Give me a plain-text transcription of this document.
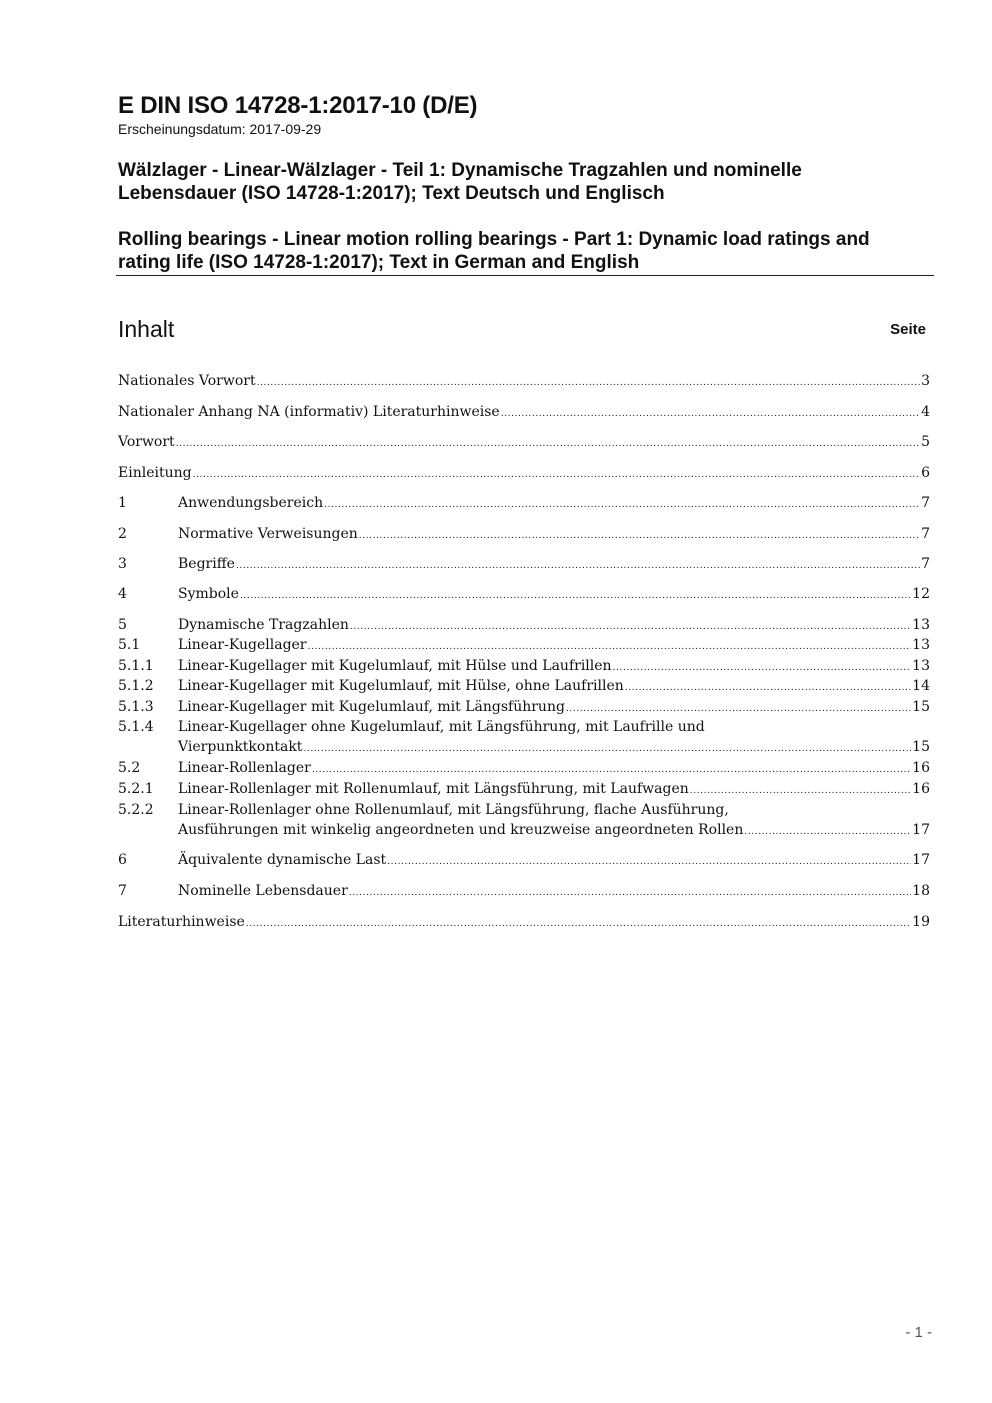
E DIN ISO 14728-1:2017-10 (D/E)

Erscheinungsdatum: 2017-09-29

Wälzlager - Linear-Wälzlager - Teil 1: Dynamische Tragzahlen und nominelle Lebensdauer (ISO 14728-1:2017); Text Deutsch und Englisch

Rolling bearings - Linear motion rolling bearings - Part 1: Dynamic load ratings and rating life (ISO 14728-1:2017); Text in German and English

Inhalt	Seite
Nationales Vorwort .....	3
Nationaler Anhang NA (informativ) Literaturhinweise .....	4
Vorwort .....	5
Einleitung .....	6
1	Anwendungsbereich .....	7
2	Normative Verweisungen .....	7
3	Begriffe .....	7
4	Symbole .....	12
5	Dynamische Tragzahlen .....	13
5.1	Linear-Kugellager .....	13
5.1.1	Linear-Kugellager mit Kugelumlauf, mit Hülse und Laufrillen .....	13
5.1.2	Linear-Kugellager mit Kugelumlauf, mit Hülse, ohne Laufrillen .....	14
5.1.3	Linear-Kugellager mit Kugelumlauf, mit Längsführung .....	15
5.1.4	Linear-Kugellager ohne Kugelumlauf, mit Längsführung, mit Laufrille und
Vierpunktkontakt .....	15
5.2	Linear-Rollenlager .....	16
5.2.1	Linear-Rollenlager mit Rollenumlauf, mit Längsführung, mit Laufwagen .....	16
5.2.2	Linear-Rollenlager ohne Rollenumlauf, mit Längsführung, flache Ausführung,
Ausführungen mit winkelig angeordneten und kreuzweise angeordneten Rollen .....	17
6	Äquivalente dynamische Last .....	17
7	Nominelle Lebensdauer .....	18
Literaturhinweise .....	19
- 1 -
